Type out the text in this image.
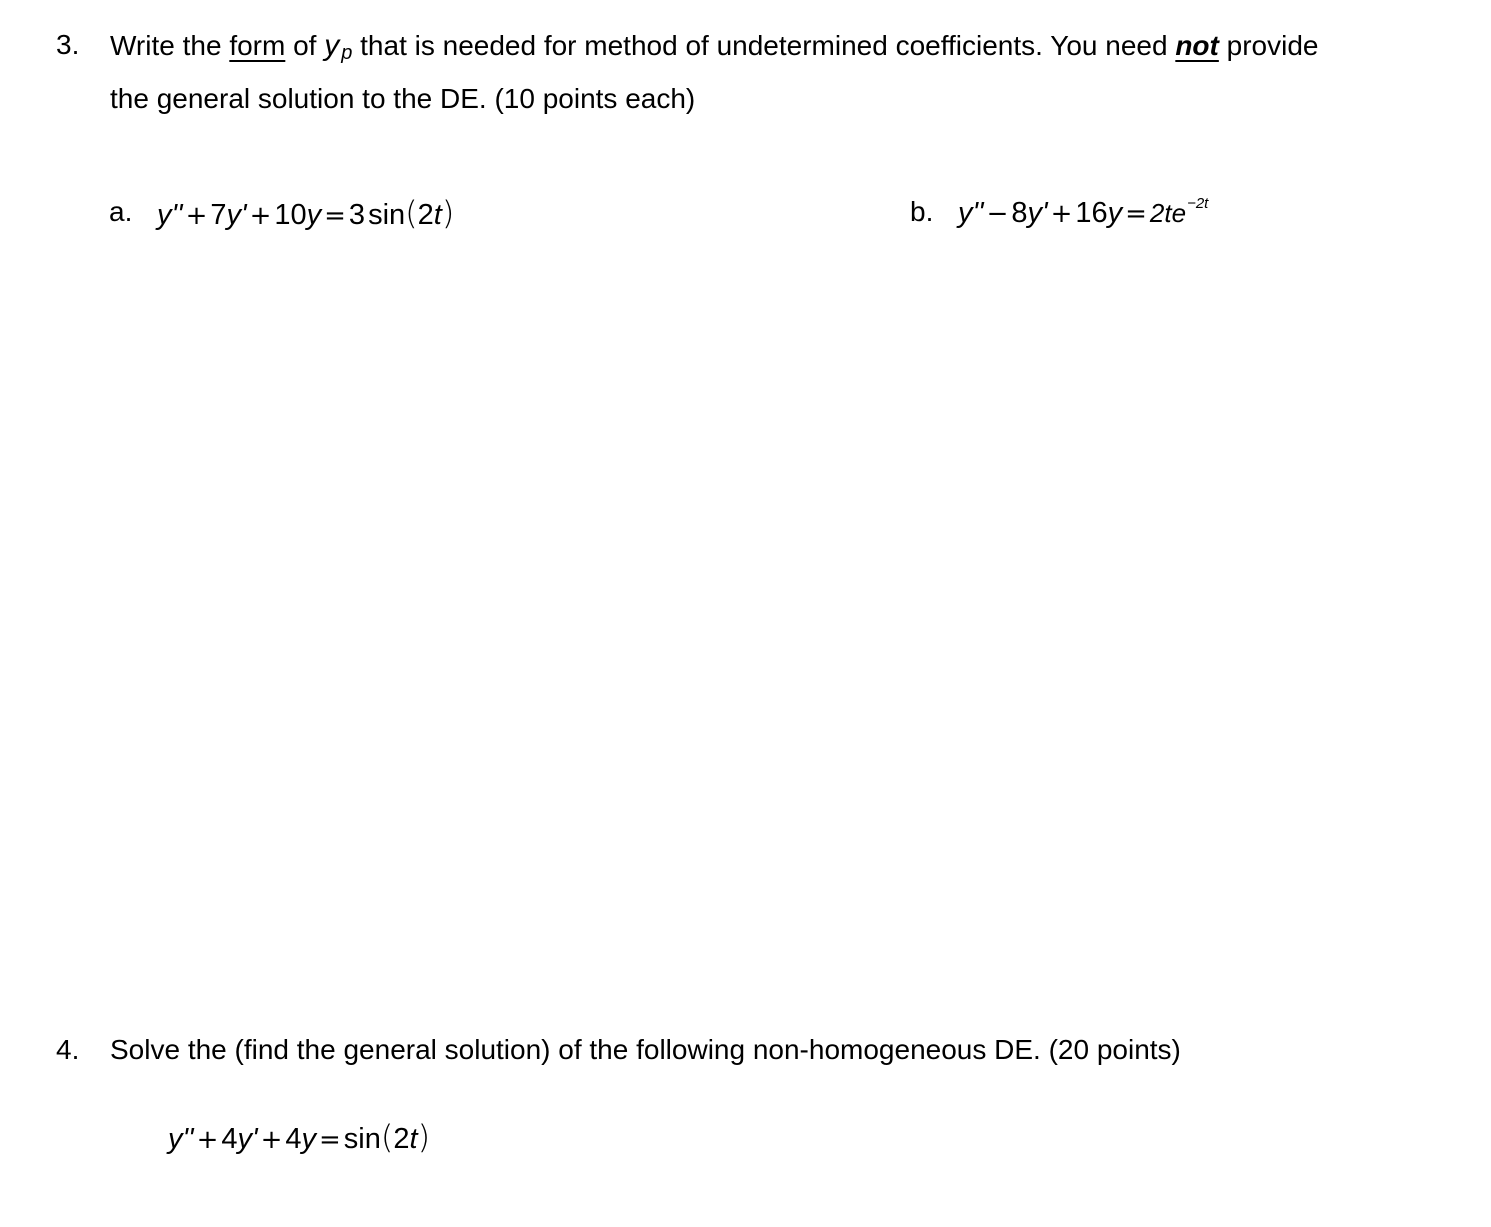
3. Write the form of y $_p$ that is needed for method of undetermined coefficients. You need not provide
the general solution to the DE. (10 points each)
a. y'' + 7y' + 10y = 3 sin(2t)	b. $y'' - 8y' + 16y = 2te^{-2t}$
4. Solve the (find the general solution) of the following non-homogeneous DE. (20 points)
y'' + 4y' + 4y = sin(2t)
